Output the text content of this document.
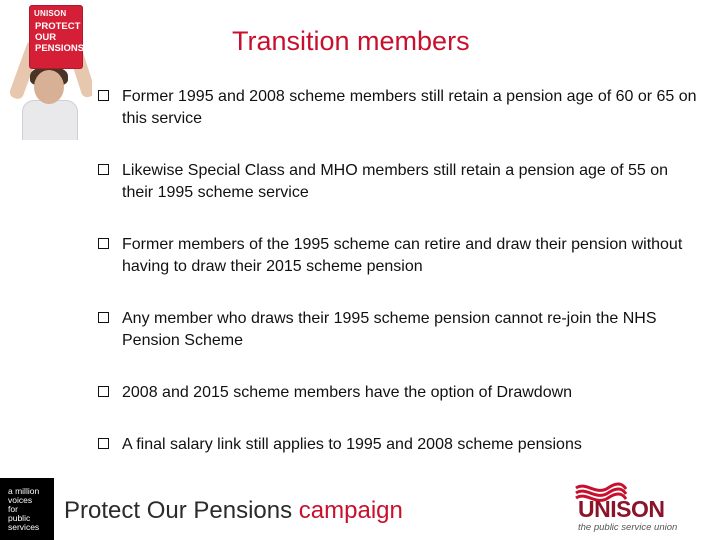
UNISON
PROTECT
OUR
PENSIONS	Transition members
Former 1995 and 2008 scheme members still retain a pension age of 60 or 65 on this service
Likewise Special Class and MHO members still retain a pension age of 55 on their 1995 scheme service
Former members of the 1995 scheme can retire and draw their pension without having to draw their 2015 scheme pension
Any member who draws their 1995 scheme pension cannot re-join the NHS Pension Scheme
2008 and 2015 scheme members have the option of Drawdown
A final salary link still applies to 1995 and 2008 scheme pensions
a million
voices
for
public
services
Protect Our Pensions campaign	UNISON
the public service union
